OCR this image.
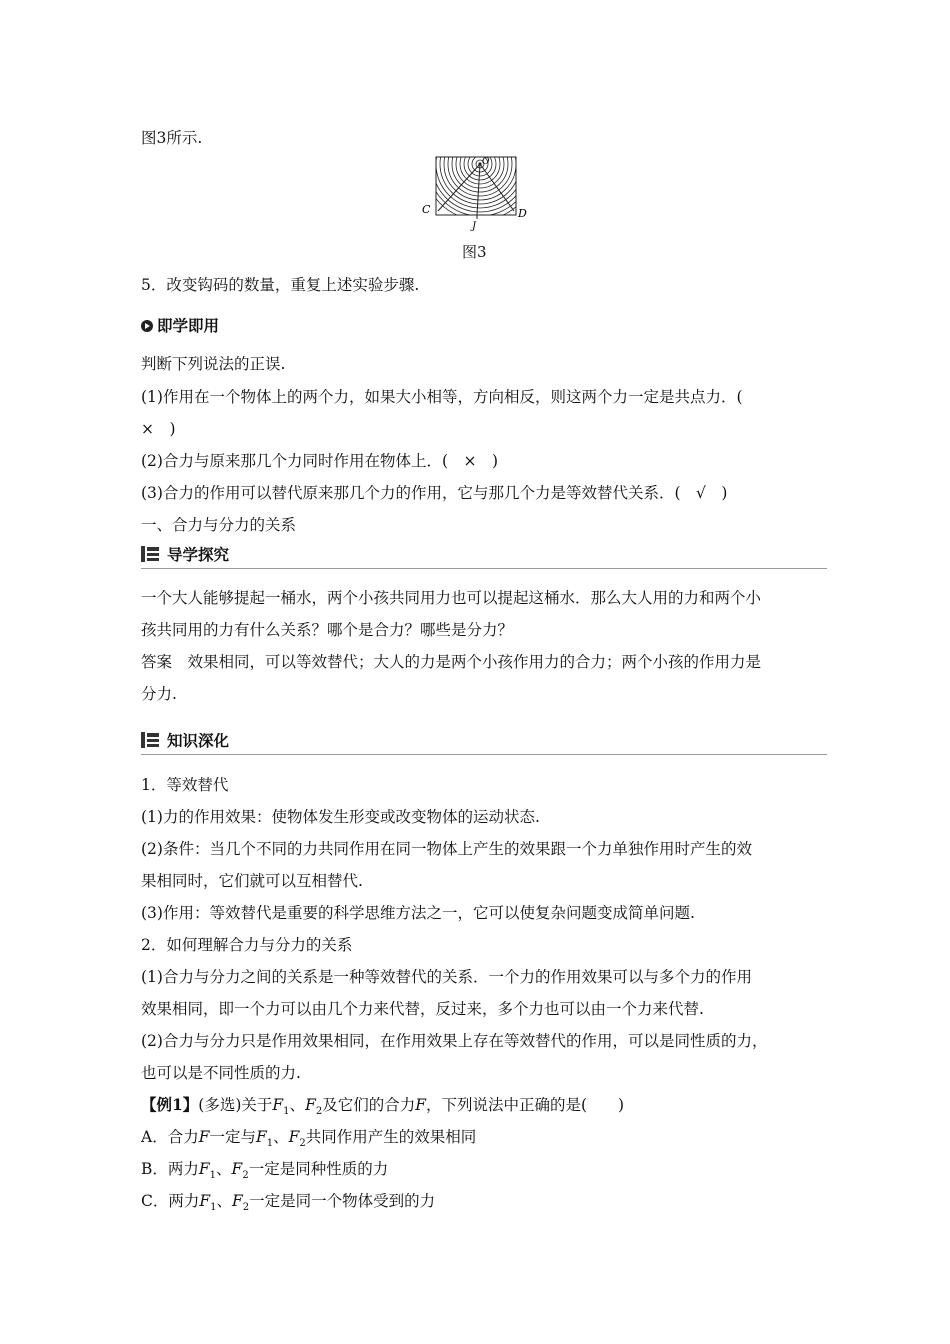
图3所示.
O
C	D
J
图3
5．改变钩码的数量，重复上述实验步骤.
即学即用
判断下列说法的正误.
(1)作用在一个物体上的两个力，如果大小相等，方向相反，则这两个力一定是共点力．(
×　)
(2)合力与原来那几个力同时作用在物体上．(　×　)
(3)合力的作用可以替代原来那几个力的作用，它与那几个力是等效替代关系．(　√　)
一、合力与分力的关系
导学探究
一个大人能够提起一桶水，两个小孩共同用力也可以提起这桶水．那么大人用的力和两个小
孩共同用的力有什么关系？哪个是合力？哪些是分力？
答案　效果相同，可以等效替代；大人的力是两个小孩作用力的合力；两个小孩的作用力是
分力.
知识深化
1．等效替代
(1)力的作用效果：使物体发生形变或改变物体的运动状态.
(2)条件：当几个不同的力共同作用在同一物体上产生的效果跟一个力单独作用时产生的效
果相同时，它们就可以互相替代.
(3)作用：等效替代是重要的科学思维方法之一，它可以使复杂问题变成简单问题.
2．如何理解合力与分力的关系
(1)合力与分力之间的关系是一种等效替代的关系．一个力的作用效果可以与多个力的作用
效果相同，即一个力可以由几个力来代替，反过来，多个力也可以由一个力来代替.
(2)合力与分力只是作用效果相同，在作用效果上存在等效替代的作用，可以是同性质的力，
也可以是不同性质的力.
【例1】(多选)关于$F_1$、$F_2$及它们的合力F，下列说法中正确的是(　　)
A．合力F一定与$F_1$、$F_2$共同作用产生的效果相同
B．两力$F_1$、$F_2$一定是同种性质的力
C．两力$F_1$、$F_2$一定是同一个物体受到的力
